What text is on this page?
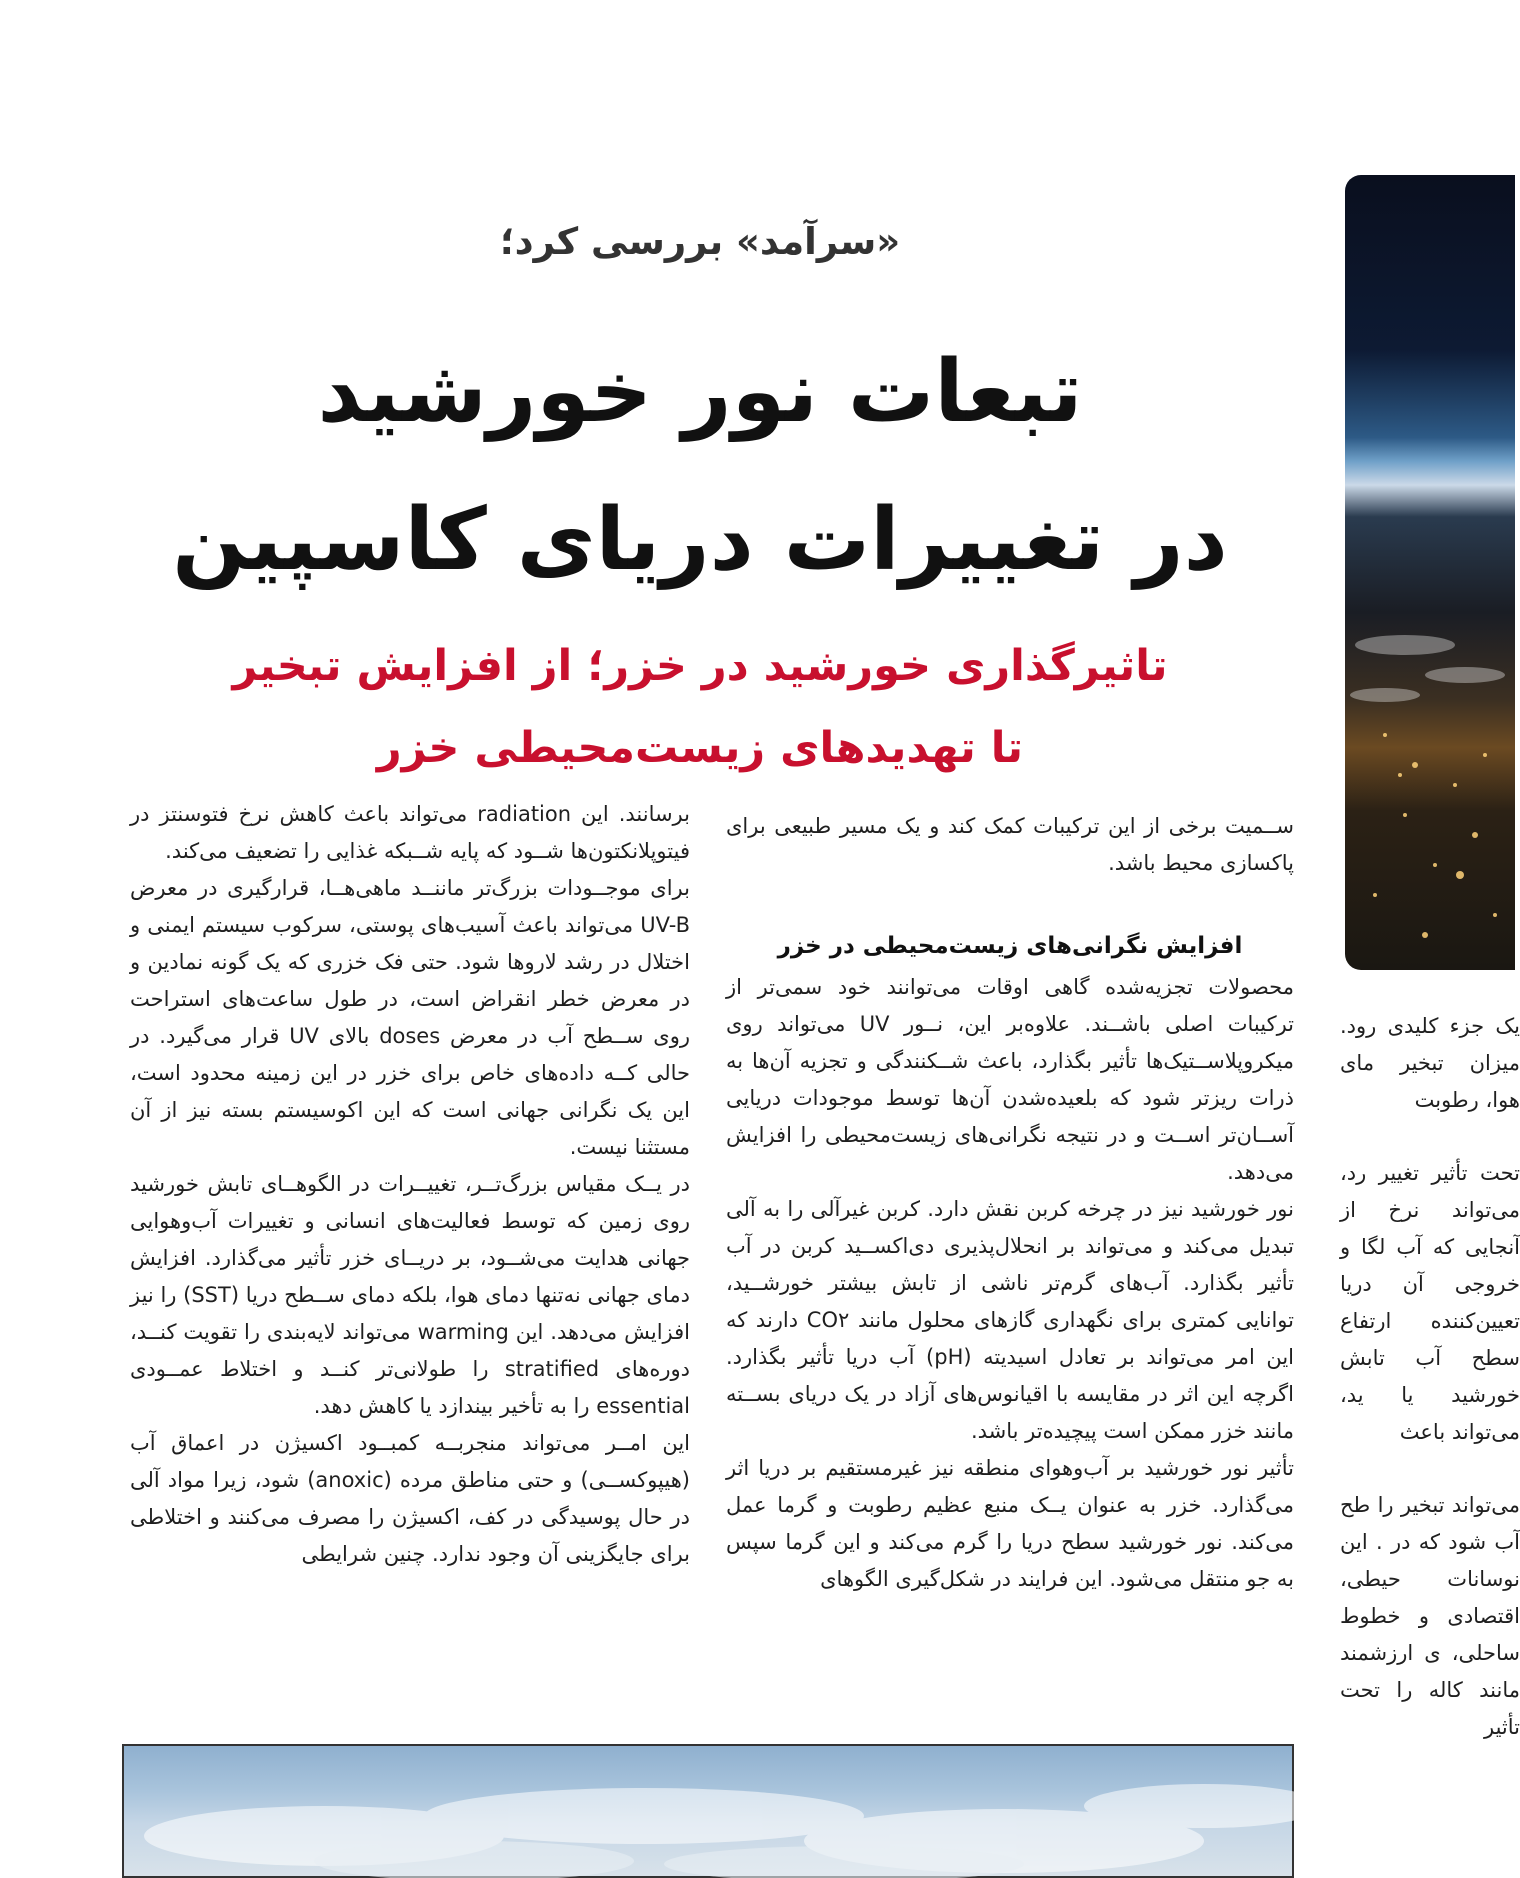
«سرآمد» بررسی کرد؛
تبعات نور خورشید
در تغییرات دریای کاسپین
تاثیرگذاری خورشید در خزر؛ از افزایش تبخیر
تا تهدیدهای زیست‌محیطی خزر

ســمیت برخی از این ترکیبات کمک کند و یک مسیر طبیعی برای پاکسازی محیط باشد.

افزایش نگرانی‌های زیست‌محیطی در خزر

محصولات تجزیه‌شده گاهی اوقات می‌توانند خود سمی‌تر از ترکیبات اصلی باشــند. علاوه‌بر این، نــور UV می‌تواند روی میکروپلاســتیک‌ها تأثیر بگذارد، باعث شــکنندگی و تجزیه آن‌ها به ذرات ریزتر شود که بلعیده‌شدن آن‌ها توسط موجودات دریایی آســان‌تر اســت و در نتیجه نگرانی‌های زیست‌محیطی را افزایش می‌دهد.

نور خورشید نیز در چرخه کربن نقش دارد. کربن غیرآلی را به آلی تبدیل می‌کند و می‌تواند بر انحلال‌پذیری دی‌اکســید کربن در آب تأثیر بگذارد. آب‌های گرم‌تر ناشی از تابش بیشتر خورشــید، توانایی کمتری برای نگهداری گازهای محلول مانند CO۲ دارند که این امر می‌تواند بر تعادل اسیدیته (pH) آب دریا تأثیر بگذارد. اگرچه این اثر در مقایسه با اقیانوس‌های آزاد در یک دریای بســته مانند خزر ممکن است پیچیده‌تر باشد.

تأثیر نور خورشید بر آب‌وهوای منطقه نیز غیرمستقیم بر دریا اثر می‌گذارد. خزر به عنوان یــک منبع عظیم رطوبت و گرما عمل می‌کند. نور خورشید سطح دریا را گرم می‌کند و این گرما سپس به جو منتقل می‌شود. این فرایند در شکل‌گیری الگوهای

برسانند. این radiation می‌تواند باعث کاهش نرخ فتوسنتز در فیتوپلانکتون‌ها شــود که پایه شــبکه غذایی را تضعیف می‌کند.

برای موجــودات بزرگ‌تر ماننــد ماهی‌هــا، قرارگیری در معرض UV-B می‌تواند باعث آسیب‌های پوستی، سرکوب سیستم ایمنی و اختلال در رشد لاروها شود. حتی فک خزری که یک گونه نمادین و در معرض خطر انقراض است، در طول ساعت‌های استراحت روی ســطح آب در معرض doses بالای UV قرار می‌گیرد. در حالی کــه داده‌های خاص برای خزر در این زمینه محدود است، این یک نگرانی جهانی است که این اکوسیستم بسته نیز از آن مستثنا نیست.

در یــک مقیاس بزرگ‌تــر، تغییــرات در الگوهــای تابش خورشید روی زمین که توسط فعالیت‌های انسانی و تغییرات آب‌وهوایی جهانی هدایت می‌شــود، بر دریــای خزر تأثیر می‌گذارد. افزایش دمای جهانی نه‌تنها دمای هوا، بلکه دمای ســطح دریا (SST) را نیز افزایش می‌دهد. این warming می‌تواند لایه‌بندی را تقویت کنــد، دوره‌های stratified را طولانی‌تر کنــد و اختلاط عمــودی essential را به تأخیر بیندازد یا کاهش دهد.

این امــر می‌تواند منجربــه کمبــود اکسیژن در اعماق آب (هیپوکســی) و حتی مناطق مرده (anoxic) شود، زیرا مواد آلی در حال پوسیدگی در کف، اکسیژن را مصرف می‌کنند و اختلاطی برای جایگزینی آن وجود ندارد. چنین شرایطی

یک جزء کلیدی رود. میزان تبخیر مای هوا، رطوبت

تحت تأثیر تغییر رد، می‌تواند نرخ از آنجایی که آب لگا و خروجی آن دریا تعیین‌کننده ارتفاع سطح آب تابش خورشید یا ید، می‌تواند باعث

می‌تواند تبخیر را طح آب شود که در . این نوسانات حیطی، اقتصادی و خطوط ساحلی، ی ارزشمند مانند کاله را تحت تأثیر
